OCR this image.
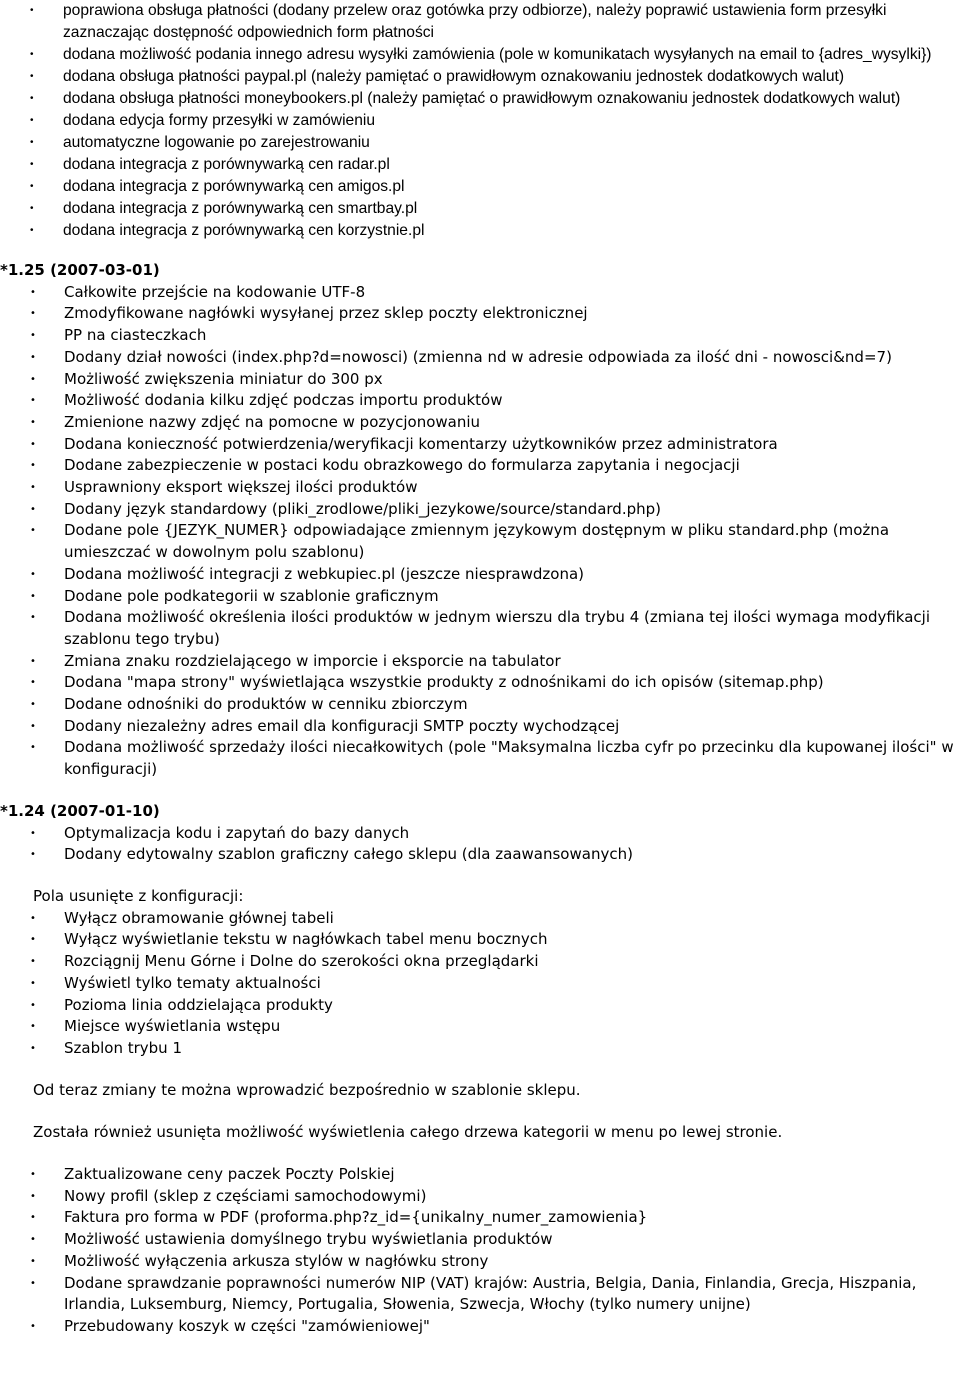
• poprawiona obsługa płatności (dodany przelew oraz gotówka przy odbiorze), należy poprawić ustawienia form przesyłki zaznaczając dostępność odpowiednich form płatności
• dodana możliwość podania innego adresu wysyłki zamówienia (pole w komunikatach wysyłanych na email to {adres_wysylki})
• dodana obsługa płatności paypal.pl (należy pamiętać o prawidłowym oznakowaniu jednostek dodatkowych walut)
• dodana obsługa płatności moneybookers.pl (należy pamiętać o prawidłowym oznakowaniu jednostek dodatkowych walut)
• dodana edycja formy przesyłki w zamówieniu
• automatyczne logowanie po zarejestrowaniu
• dodana integracja z porównywarką cen radar.pl
• dodana integracja z porównywarką cen amigos.pl
• dodana integracja z porównywarką cen smartbay.pl
• dodana integracja z porównywarką cen korzystnie.pl

*1.25 (2007-03-01)

• Całkowite przejście na kodowanie UTF-8
• Zmodyfikowane nagłówki wysyłanej przez sklep poczty elektronicznej
• PP na ciasteczkach
• Dodany dział nowości (index.php?d=nowosci) (zmienna nd w adresie odpowiada za ilość dni - nowosci&nd=7)
• Możliwość zwiększenia miniatur do 300 px
• Możliwość dodania kilku zdjęć podczas importu produktów
• Zmienione nazwy zdjęć na pomocne w pozycjonowaniu
• Dodana konieczność potwierdzenia/weryfikacji komentarzy użytkowników przez administratora
• Dodane zabezpieczenie w postaci kodu obrazkowego do formularza zapytania i negocjacji
• Usprawniony eksport większej ilości produktów
• Dodany język standardowy (pliki_zrodlowe/pliki_jezykowe/source/standard.php)
• Dodane pole {JEZYK_NUMER} odpowiadające zmiennym językowym dostępnym w pliku standard.php (można umieszczać w dowolnym polu szablonu)
• Dodana możliwość integracji z webkupiec.pl (jeszcze niesprawdzona)
• Dodane pole podkategorii w szablonie graficznym
• Dodana możliwość określenia ilości produktów w jednym wierszu dla trybu 4 (zmiana tej ilości wymaga modyfikacji szablonu tego trybu)
• Zmiana znaku rozdzielającego w imporcie i eksporcie na tabulator
• Dodana "mapa strony" wyświetlająca wszystkie produkty z odnośnikami do ich opisów (sitemap.php)
• Dodane odnośniki do produktów w cenniku zbiorczym
• Dodany niezależny adres email dla konfiguracji SMTP poczty wychodzącej
• Dodana możliwość sprzedaży ilości niecałkowitych (pole "Maksymalna liczba cyfr po przecinku dla kupowanej ilości" w konfiguracji)

*1.24 (2007-01-10)

• Optymalizacja kodu i zapytań do bazy danych
• Dodany edytowalny szablon graficzny całego sklepu (dla zaawansowanych)

Pola usunięte z konfiguracji:

• Wyłącz obramowanie głównej tabeli
• Wyłącz wyświetlanie tekstu w nagłówkach tabel menu bocznych
• Rozciągnij Menu Górne i Dolne do szerokości okna przeglądarki
• Wyświetl tylko tematy aktualności
• Pozioma linia oddzielająca produkty
• Miejsce wyświetlania wstępu
• Szablon trybu 1

Od teraz zmiany te można wprowadzić bezpośrednio w szablonie sklepu.

Została również usunięta możliwość wyświetlenia całego drzewa kategorii w menu po lewej stronie.

• Zaktualizowane ceny paczek Poczty Polskiej
• Nowy profil (sklep z częściami samochodowymi)
• Faktura pro forma w PDF (proforma.php?z_id={unikalny_numer_zamowienia}
• Możliwość ustawienia domyślnego trybu wyświetlania produktów
• Możliwość wyłączenia arkusza stylów w nagłówku strony
• Dodane sprawdzanie poprawności numerów NIP (VAT) krajów: Austria, Belgia, Dania, Finlandia, Grecja, Hiszpania, Irlandia, Luksemburg, Niemcy, Portugalia, Słowenia, Szwecja, Włochy (tylko numery unijne)
• Przebudowany koszyk w części "zamówieniowej"
